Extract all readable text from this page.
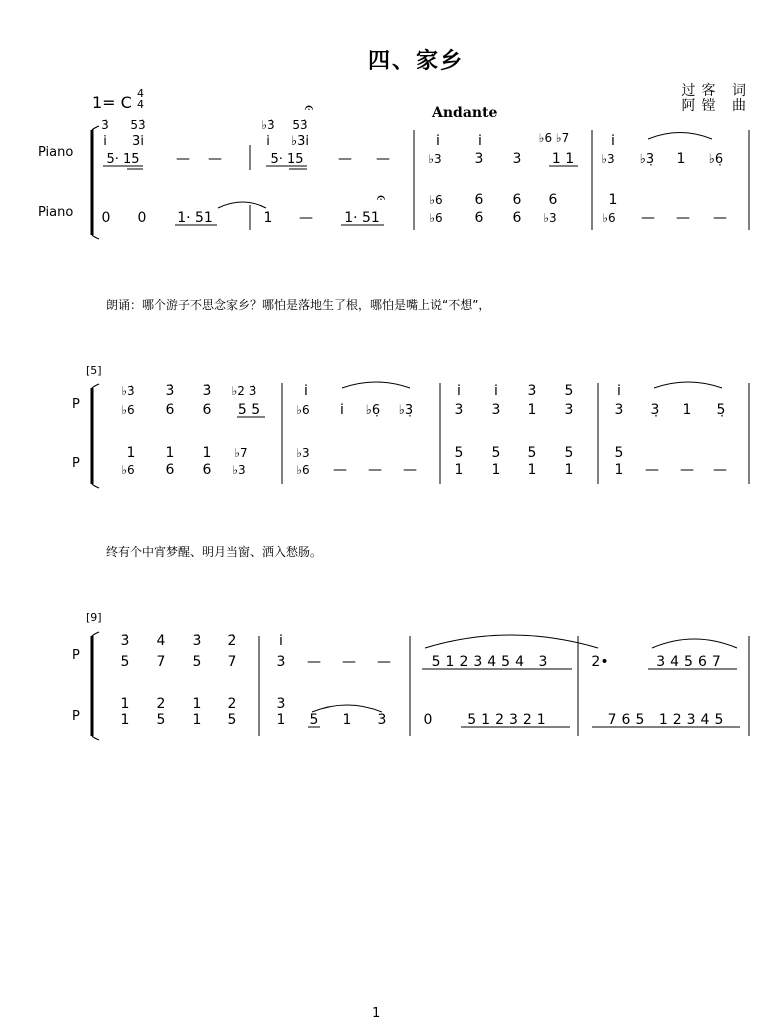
四、家乡
过客 词
阿镗 曲
1= C 4
4
Andante
Piano
Piano
[5]
P
P
朗诵：哪个游子不思念家乡？哪怕是落地生了根，哪怕是嘴上说“不想”，
终有个中宵梦醒、明月当窗、洒入愁肠。
[9]
P
P
1
3̇ 53̇
i̇ 3i̇
5· 15	— —
♭3̇ 53̇
i̇ ♭3i̇
5· 15 — —
𝄐
i̇	i̇	♭6 ♭7
♭3 3 3 1 1
i̇
♭3 ♭3̣ 1 ♭6̣
0 0 1· 51	1 — 1· 51
𝄐	♭6 6 6 6
♭6 6 6 ♭3
1
♭6 — — —
♭3̇ 3̇ 3̇ ♭2 3̇
♭6 6 6 5 5
i̇
♭6 i̇ ♭6̣ ♭3̣
i̇ i̇ 3 5
3 3 1 3
i̇
3 3̣ 1 5̣
1 1 1 ♭7
♭6 6 6 ♭3
♭3
♭6 — — —
5 5 5 5
1 1 1 1
5
1 — — —
3̇ 4̇ 3̇ 2̇
5 7 5 7
i̇
3 — — —	5123454 3	2•	34567
1 2 1 2
1 5 1 5
3
1 5 1 3	0 512321	765 12345
